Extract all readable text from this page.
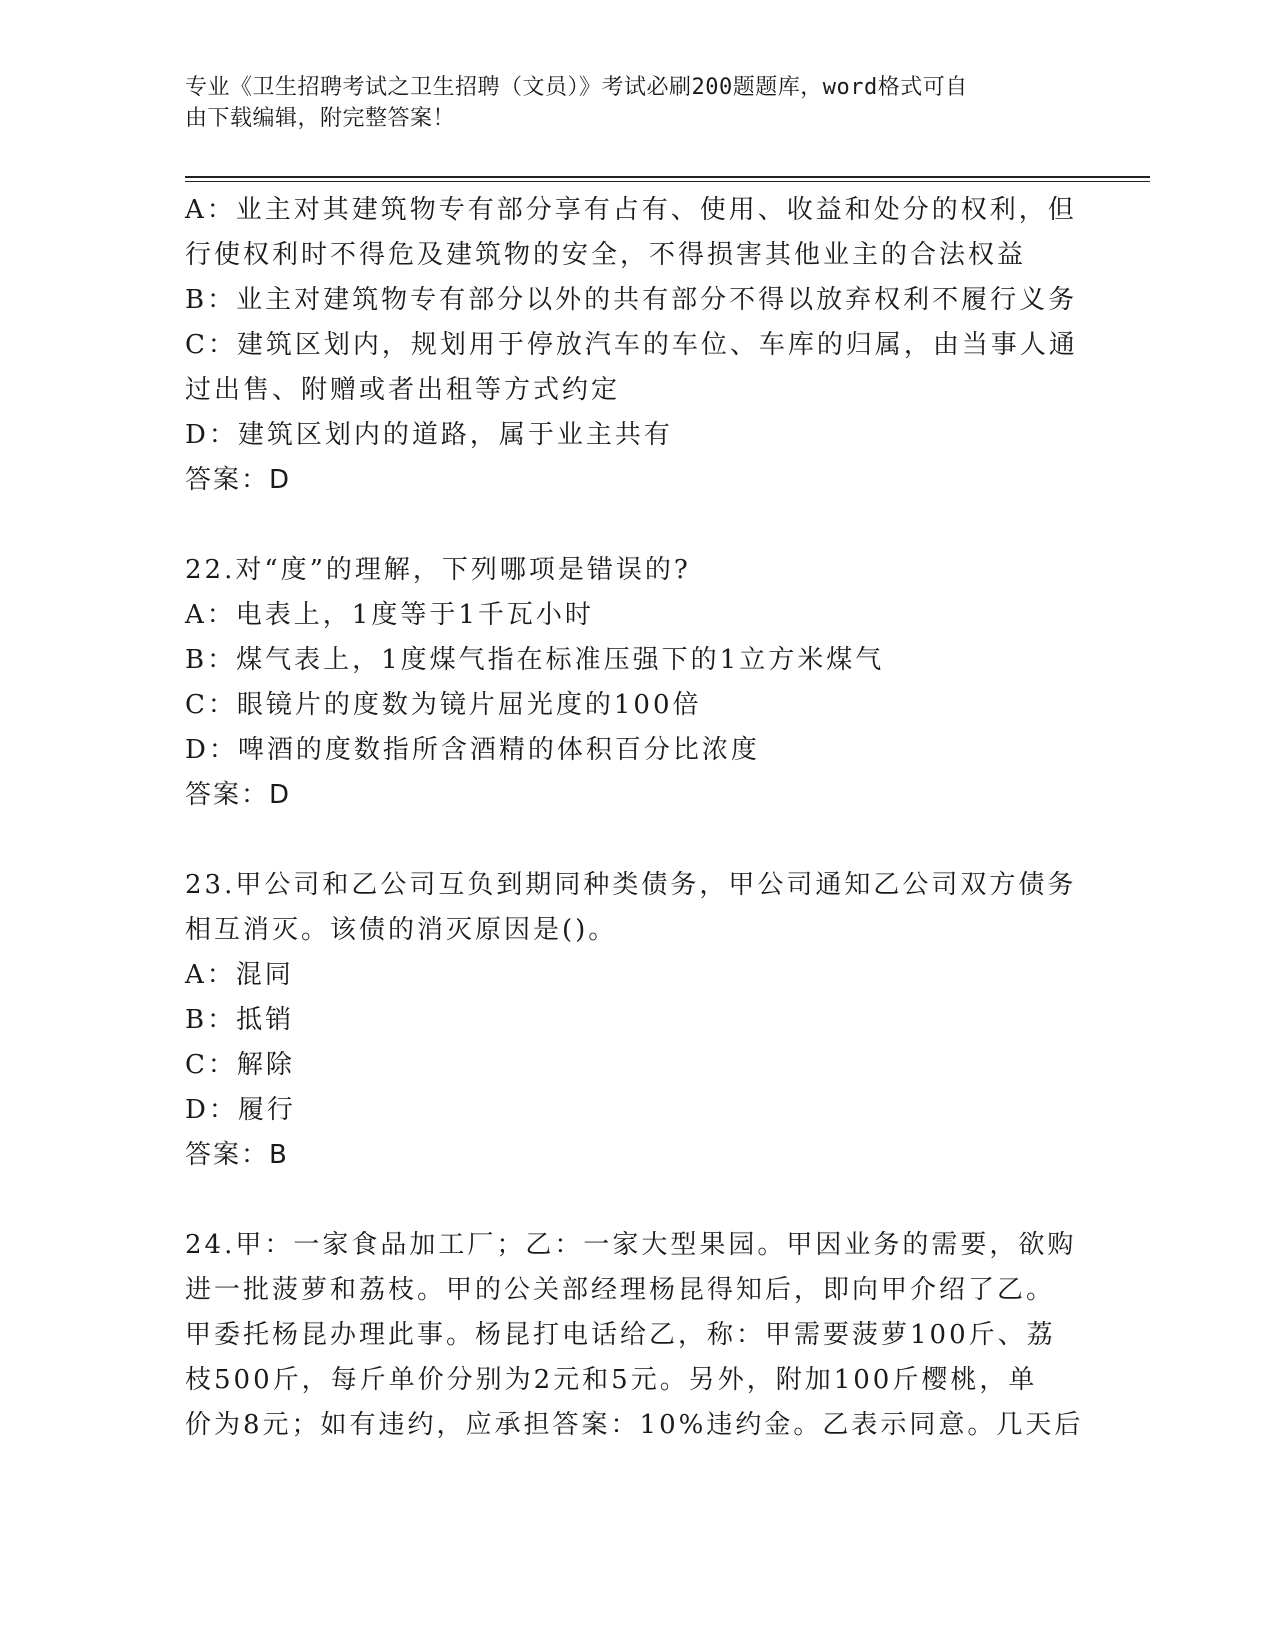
专业《卫生招聘考试之卫生招聘（文员）》考试必刷200题题库，word格式可自
由下载编辑，附完整答案！
A：业主对其建筑物专有部分享有占有、使用、收益和处分的权利，但
行使权利时不得危及建筑物的安全，不得损害其他业主的合法权益
B：业主对建筑物专有部分以外的共有部分不得以放弃权利不履行义务
C：建筑区划内，规划用于停放汽车的车位、车库的归属，由当事人通
过出售、附赠或者出租等方式约定
D：建筑区划内的道路，属于业主共有
答案：D
22.对“度”的理解，下列哪项是错误的?
A：电表上，1度等于1千瓦小时
B：煤气表上，1度煤气指在标准压强下的1立方米煤气
C：眼镜片的度数为镜片屈光度的100倍
D：啤酒的度数指所含酒精的体积百分比浓度
答案：D
23.甲公司和乙公司互负到期同种类债务，甲公司通知乙公司双方债务
相互消灭。该债的消灭原因是()。
A：混同
B：抵销
C：解除
D：履行
答案：B
24.甲：一家食品加工厂；乙：一家大型果园。甲因业务的需要，欲购
进一批菠萝和荔枝。甲的公关部经理杨昆得知后，即向甲介绍了乙。
甲委托杨昆办理此事。杨昆打电话给乙，称：甲需要菠萝100斤、荔
枝500斤，每斤单价分别为2元和5元。另外，附加100斤樱桃，单
价为8元；如有违约，应承担答案：10%违约金。乙表示同意。几天后
